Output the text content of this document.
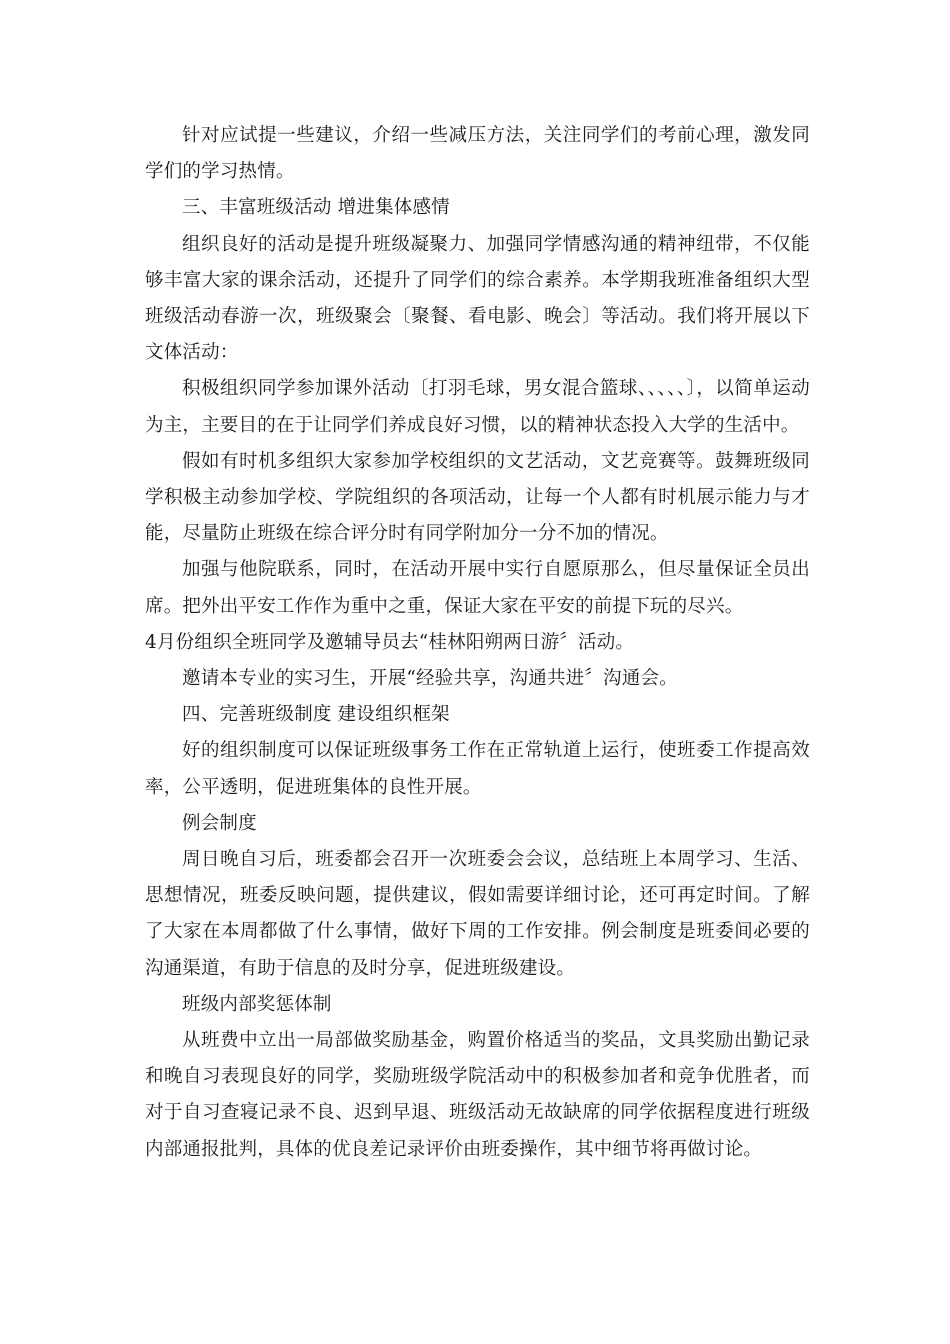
针对应试提一些建议，介绍一些减压方法，关注同学们的考前心理，激发同学们的学习热情。

三、丰富班级活动 增进集体感情

组织良好的活动是提升班级凝聚力、加强同学情感沟通的精神纽带，不仅能够丰富大家的课余活动，还提升了同学们的综合素养。本学期我班准备组织大型班级活动春游一次，班级聚会〔聚餐、看电影、晚会〕等活动。我们将开展以下文体活动：

积极组织同学参加课外活动〔打羽毛球，男女混合篮球、、、、、〕，以简单运动为主，主要目的在于让同学们养成良好习惯，以的精神状态投入大学的生活中。

假如有时机多组织大家参加学校组织的文艺活动，文艺竞赛等。鼓舞班级同学积极主动参加学校、学院组织的各项活动，让每一个人都有时机展示能力与才能，尽量防止班级在综合评分时有同学附加分一分不加的情况。

加强与他院联系，同时，在活动开展中实行自愿原那么，但尽量保证全员出席。把外出平安工作作为重中之重，保证大家在平安的前提下玩的尽兴。

4月份组织全班同学及邀辅导员去“桂林阳朔两日游〞活动。

邀请本专业的实习生，开展“经验共享，沟通共进〞沟通会。

四、完善班级制度 建设组织框架

好的组织制度可以保证班级事务工作在正常轨道上运行，使班委工作提高效率，公平透明，促进班集体的良性开展。

例会制度

周日晚自习后，班委都会召开一次班委会会议，总结班上本周学习、生活、思想情况，班委反映问题，提供建议，假如需要详细讨论，还可再定时间。了解了大家在本周都做了什么事情，做好下周的工作安排。例会制度是班委间必要的沟通渠道，有助于信息的及时分享，促进班级建设。

班级内部奖惩体制

从班费中立出一局部做奖励基金，购置价格适当的奖品，文具奖励出勤记录和晚自习表现良好的同学，奖励班级学院活动中的积极参加者和竞争优胜者，而对于自习查寝记录不良、迟到早退、班级活动无故缺席的同学依据程度进行班级内部通报批判，具体的优良差记录评价由班委操作，其中细节将再做讨论。
